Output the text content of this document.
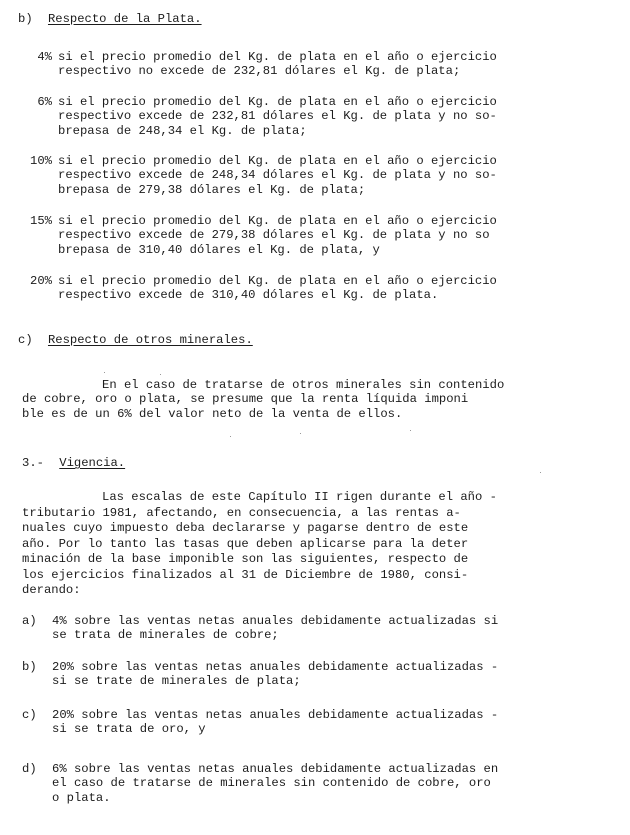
b) Respecto de la Plata.
4% si el precio promedio del Kg. de plata en el año o ejercicio
respectivo no excede de 232,81 dólares el Kg. de plata;
6% si el precio promedio del Kg. de plata en el año o ejercicio
respectivo excede de 232,81 dólares el Kg. de plata y no so-
brepasa de 248,34 el Kg. de plata;
10% si el precio promedio del Kg. de plata en el año o ejercicio
respectivo excede de 248,34 dólares el Kg. de plata y no so-
brepasa de 279,38 dólares el Kg. de plata;
15% si el precio promedio del Kg. de plata en el año o ejercicio
respectivo excede de 279,38 dólares el Kg. de plata y no so
brepasa de 310,40 dólares el Kg. de plata, y
20% si el precio promedio del Kg. de plata en el año o ejercicio
respectivo excede de 310,40 dólares el Kg. de plata.
c) Respecto de otros minerales.
En el caso de tratarse de otros minerales sin contenido
de cobre, oro o plata, se presume que la renta líquida imponi
ble es de un 6% del valor neto de la venta de ellos.
3.- Vigencia.
Las escalas de este Capítulo II rigen durante el año -
tributario 1981, afectando, en consecuencia, a las rentas a-
nuales cuyo impuesto deba declararse y pagarse dentro de este
año. Por lo tanto las tasas que deben aplicarse para la deter
minación de la base imponible son las siguientes, respecto de
los ejercicios finalizados al 31 de Diciembre de 1980, consi-
derando:
a) 4% sobre las ventas netas anuales debidamente actualizadas si
se trata de minerales de cobre;
b) 20% sobre las ventas netas anuales debidamente actualizadas -
si se trate de minerales de plata;
c) 20% sobre las ventas netas anuales debidamente actualizadas -
si se trata de oro, y
d) 6% sobre las ventas netas anuales debidamente actualizadas en
el caso de tratarse de minerales sin contenido de cobre, oro
o plata.
